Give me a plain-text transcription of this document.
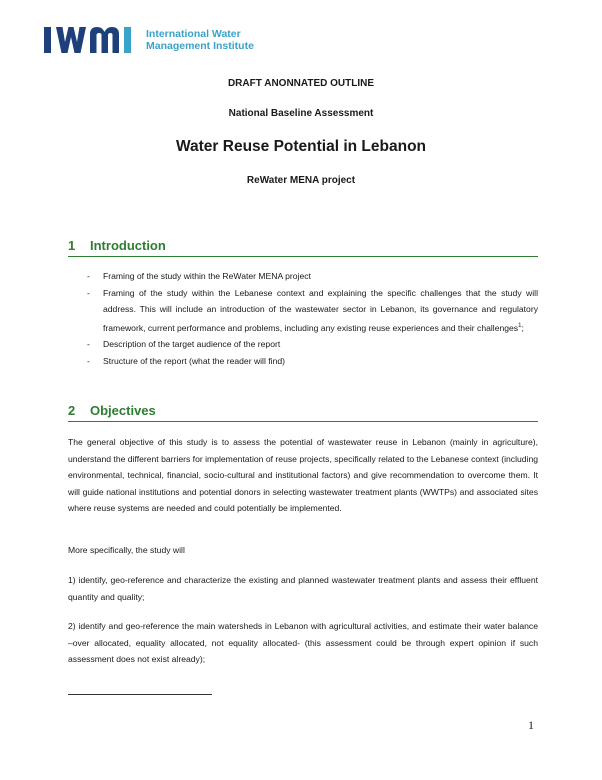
International Water
Management Institute
DRAFT ANONNATED OUTLINE
National Baseline Assessment
Water Reuse Potential in Lebanon
ReWater MENA project
1 Introduction
- Framing of the study within the ReWater MENA project
- Framing of the study within the Lebanese context and explaining the specific challenges that the study will address. This will include an introduction of the wastewater sector in Lebanon, its governance and regulatory framework, current performance and problems, including any existing reuse experiences and their challenges$^1$;
- Description of the target audience of the report
- Structure of the report (what the reader will find)
2 Objectives

The general objective of this study is to assess the potential of wastewater reuse in Lebanon (mainly in agriculture), understand the different barriers for implementation of reuse projects, specifically related to the Lebanese context (including environmental, technical, financial, socio-cultural and institutional factors) and give recommendation to overcome them. It will guide national institutions and potential donors in selecting wastewater treatment plants (WWTPs) and associated sites where reuse systems are needed and could potentially be implemented.

More specifically, the study will

1) identify, geo-reference and characterize the existing and planned wastewater treatment plants and assess their effluent quantity and quality;

2) identify and geo-reference the main watersheds in Lebanon with agricultural activities, and estimate their water balance –over allocated, equality allocated, not equality allocated- (this assessment could be through expert opinion if such assessment does not exist already);

1
